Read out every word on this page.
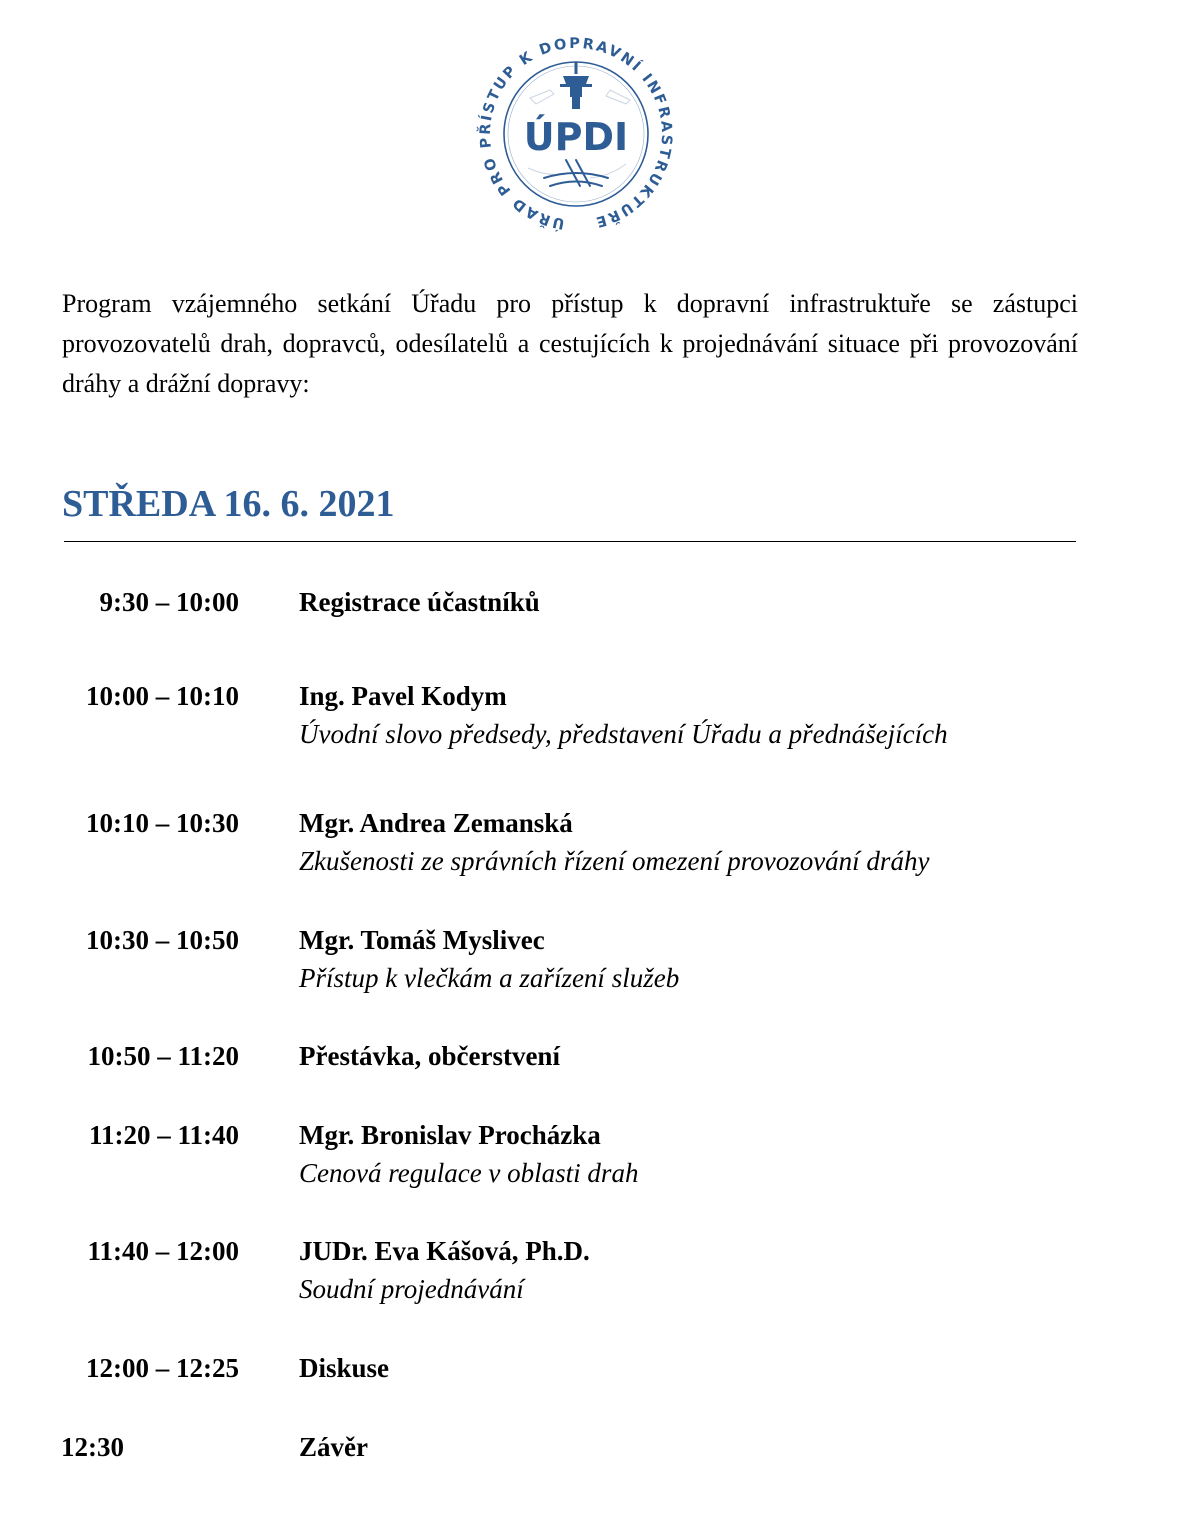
ÚŘAD PRO PŘÍSTUP K DOPRAVNÍ INFRASTRUKTUŘE
ÚPDI

Program vzájemného setkání Úřadu pro přístup k dopravní infrastruktuře se zástupci provozovatelů drah, dopravců, odesílatelů a cestujících k projednávání situace při provozování dráhy a drážní dopravy:

STŘEDA 16. 6. 2021
9:30 – 10:00 Registrace účastníků
10:00 – 10:10 Ing. Pavel Kodym
Úvodní slovo předsedy, představení Úřadu a přednášejících
10:10 – 10:30 Mgr. Andrea Zemanská
Zkušenosti ze správních řízení omezení provozování dráhy
10:30 – 10:50 Mgr. Tomáš Myslivec
Přístup k vlečkám a zařízení služeb
10:50 – 11:20 Přestávka, občerstvení
11:20 – 11:40 Mgr. Bronislav Procházka
Cenová regulace v oblasti drah
11:40 – 12:00 JUDr. Eva Kášová, Ph.D.
Soudní projednávání
12:00 – 12:25 Diskuse
12:30	Závěr
